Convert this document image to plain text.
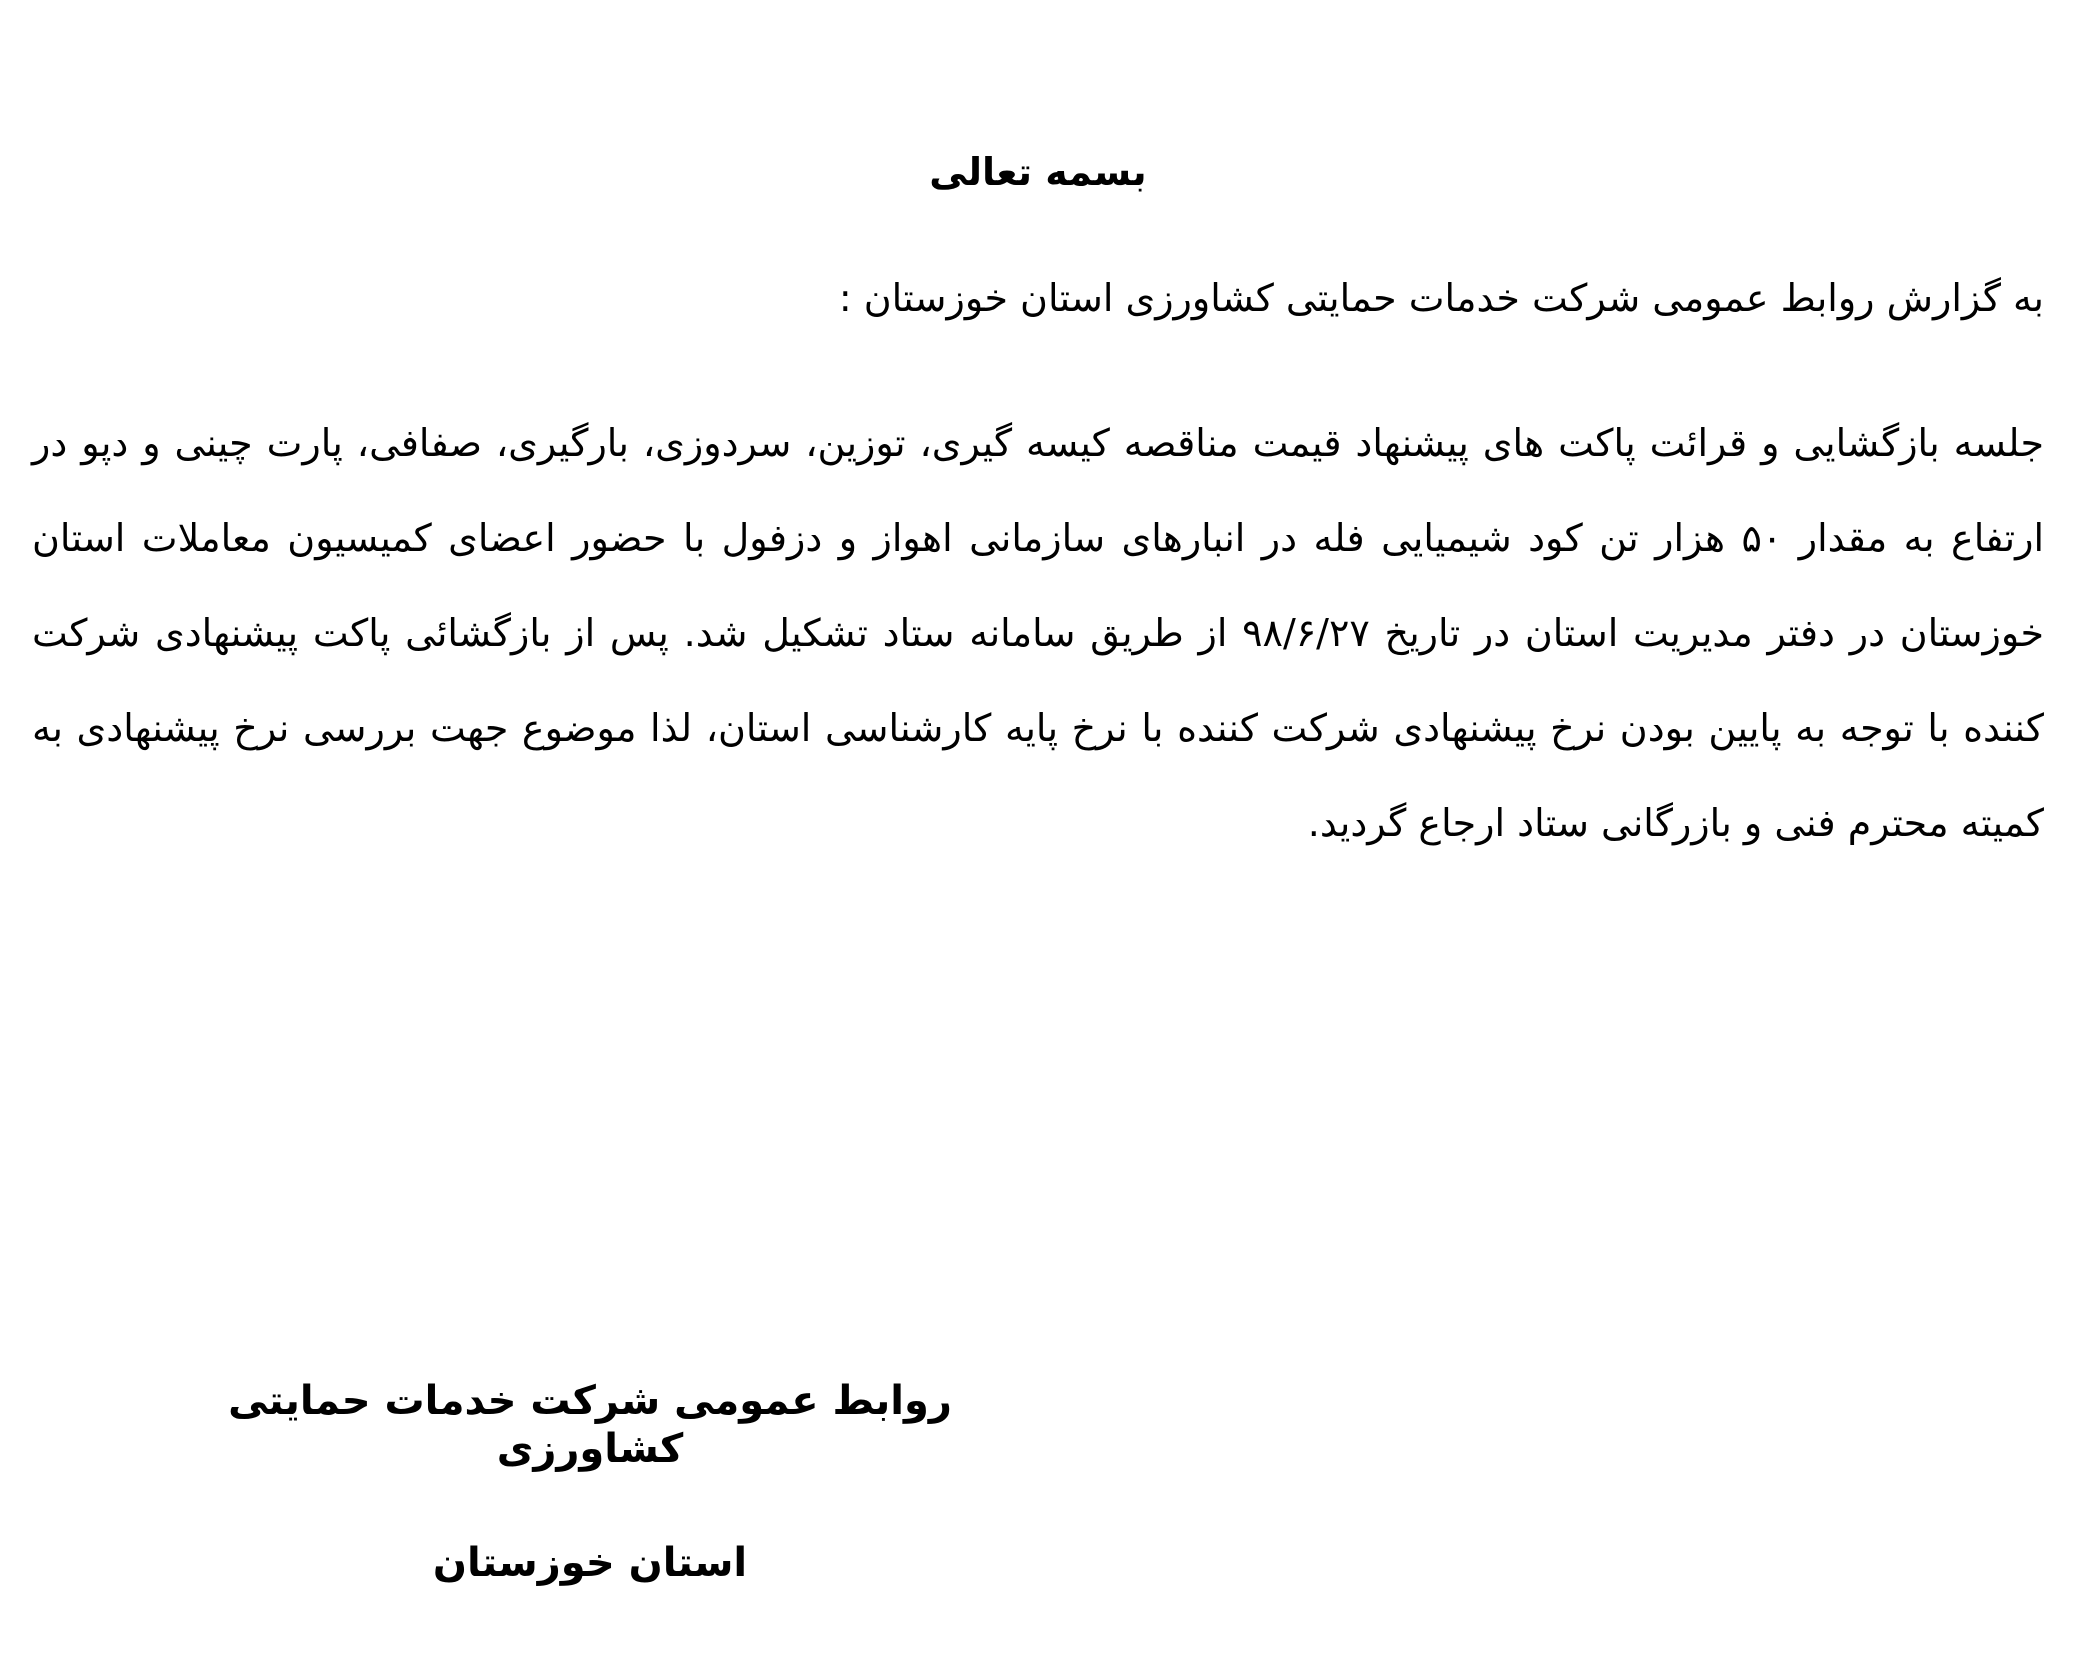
بسمه تعالی
به گزارش روابط عمومی شرکت خدمات حمایتی کشاورزی استان خوزستان :
جلسه بازگشایی و قرائت پاکت های پیشنهاد قیمت مناقصه کیسه گیری، توزین، سردوزی، بارگیری، صفافی، پارت چینی و دپو در ارتفاع به مقدار ۵۰ هزار تن کود شیمیایی فله در انبارهای سازمانی اهواز و دزفول با حضور اعضای کمیسیون معاملات استان خوزستان در دفتر مدیریت استان در تاریخ ۹۸/۶/۲۷ از طریق سامانه ستاد تشکیل شد. پس از بازگشائی پاکت پیشنهادی شرکت کننده با توجه به پایین بودن نرخ پیشنهادی شرکت کننده با نرخ پایه کارشناسی استان، لذا موضوع جهت بررسی نرخ پیشنهادی به کمیته محترم فنی و بازرگانی ستاد ارجاع گردید.
روابط عمومی شرکت خدمات حمایتی کشاورزی
استان خوزستان
